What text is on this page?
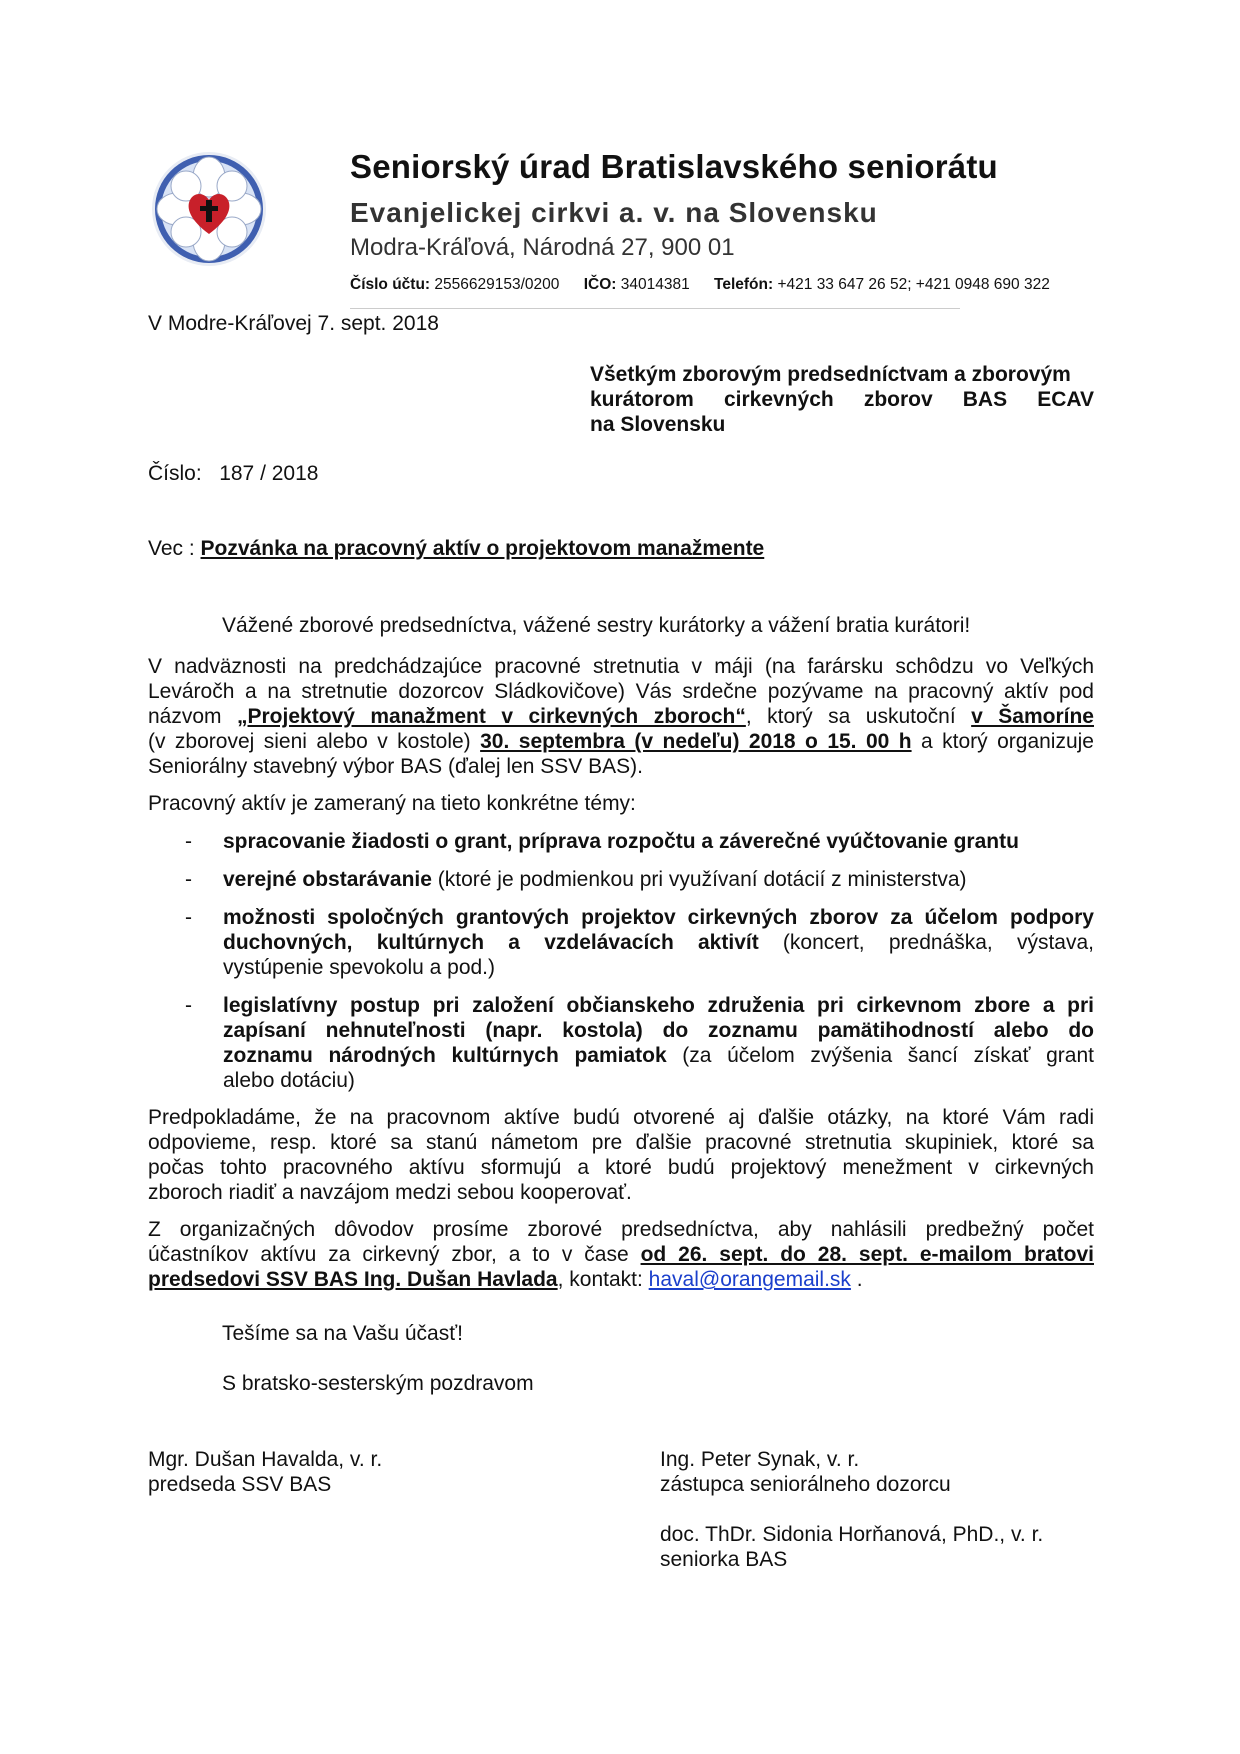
Seniorský úrad Bratislavského seniorátu
Evanjelickej cirkvi a. v. na Slovensku
Modra-Kráľová, Národná 27, 900 01
Číslo účtu: 2556629153/0200 IČO: 34014381 Telefón: +421 33 647 26 52; +421 0948 690 322
V Modre-Kráľovej 7. sept. 2018
Všetkým zborovým predsedníctvam a zborovým
kurátorom cirkevných zborov BAS ECAV
na Slovensku
Číslo: 187 / 2018
Vec : Pozvánka na pracovný aktív o projektovom manažmente
Vážené zborové predsedníctva, vážené sestry kurátorky a vážení bratia kurátori!
V nadväznosti na predchádzajúce pracovné stretnutia v máji (na farársku schôdzu vo Veľkých
Leváročh a na stretnutie dozorcov Sládkovičove) Vás srdečne pozývame na pracovný aktív pod
názvom „Projektový manažment v cirkevných zboroch“, ktorý sa uskutoční v Šamoríne
(v zborovej sieni alebo v kostole) 30. septembra (v nedeľu) 2018 o 15. 00 h a ktorý organizuje
Seniorálny stavebný výbor BAS (ďalej len SSV BAS).
Pracovný aktív je zameraný na tieto konkrétne témy:
- spracovanie žiadosti o grant, príprava rozpočtu a záverečné vyúčtovanie grantu
- verejné obstarávanie (ktoré je podmienkou pri využívaní dotácií z ministerstva)
- možnosti spoločných grantových projektov cirkevných zborov za účelom podpory
duchovných, kultúrnych a vzdelávacích aktivít (koncert, prednáška, výstava,
vystúpenie spevokolu a pod.)
- legislatívny postup pri založení občianskeho združenia pri cirkevnom zbore a pri
zapísaní nehnuteľnosti (napr. kostola) do zoznamu pamätihodností alebo do
zoznamu národných kultúrnych pamiatok (za účelom zvýšenia šancí získať grant
alebo dotáciu)
Predpokladáme, že na pracovnom aktíve budú otvorené aj ďalšie otázky, na ktoré Vám radi
odpovieme, resp. ktoré sa stanú námetom pre ďalšie pracovné stretnutia skupiniek, ktoré sa
počas tohto pracovného aktívu sformujú a ktoré budú projektový menežment v cirkevných
zboroch riadiť a navzájom medzi sebou kooperovať.
Z organizačných dôvodov prosíme zborové predsedníctva, aby nahlásili predbežný počet
účastníkov aktívu za cirkevný zbor, a to v čase od 26. sept. do 28. sept. e-mailom bratovi
predsedovi SSV BAS Ing. Dušan Havlada, kontakt: haval@orangemail.sk .
Tešíme sa na Vašu účasť!
S bratsko-sesterským pozdravom
Mgr. Dušan Havalda, v. r.
predseda SSV BAS
Ing. Peter Synak, v. r.
zástupca seniorálneho dozorcu
doc. ThDr. Sidonia Horňanová, PhD., v. r.
seniorka BAS
